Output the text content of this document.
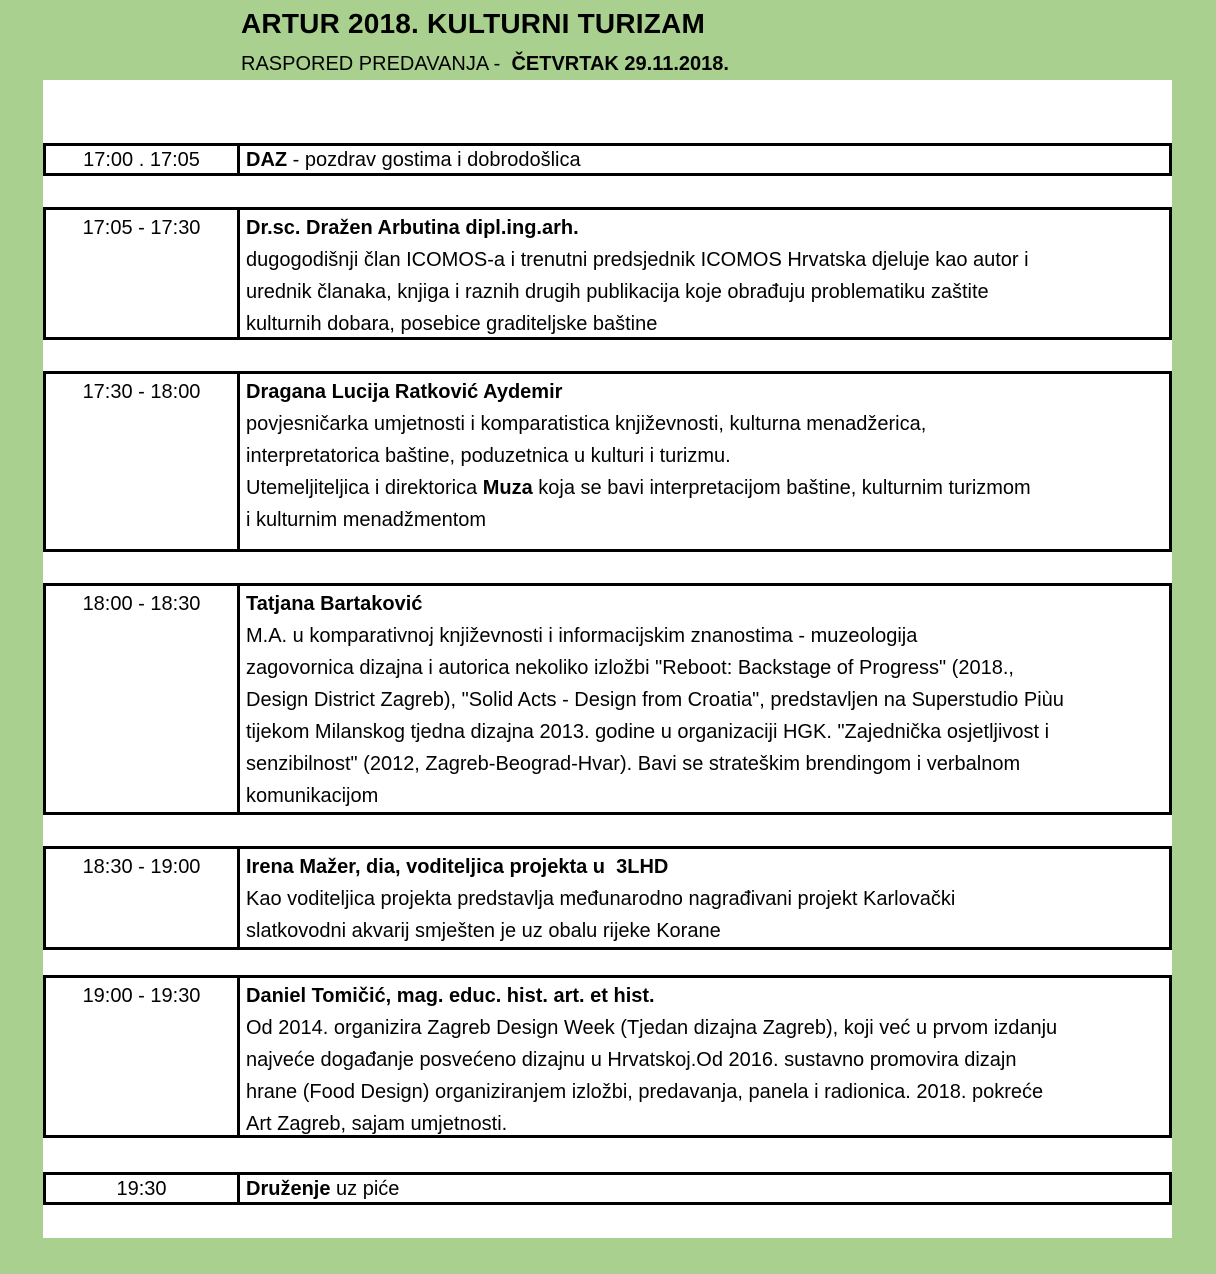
ARTUR 2018. KULTURNI TURIZAM
RASPORED PREDAVANJA -  ČETVRTAK 29.11.2018.
17:00 . 17:05	DAZ - pozdrav gostima i dobrodošlica
17:05 - 17:30	Dr.sc. Dražen Arbutina dipl.ing.arh.
dugogodišnji član ICOMOS-a i trenutni predsjednik ICOMOS Hrvatska djeluje kao autor i
urednik članaka, knjiga i raznih drugih publikacija koje obrađuju problematiku zaštite
kulturnih dobara, posebice graditeljske baštine
17:30 - 18:00	Dragana Lucija Ratković Aydemir
povjesničarka umjetnosti i komparatistica književnosti, kulturna menadžerica,
interpretatorica baštine, poduzetnica u kulturi i turizmu.
Utemeljiteljica i direktorica Muza koja se bavi interpretacijom baštine, kulturnim turizmom
i kulturnim menadžmentom
18:00 - 18:30	Tatjana Bartaković
M.A. u komparativnoj književnosti i informacijskim znanostima - muzeologija
zagovornica dizajna i autorica nekoliko izložbi "Reboot: Backstage of Progress" (2018.,
Design District Zagreb), "Solid Acts - Design from Croatia", predstavljen na Superstudio Piùu
tijekom Milanskog tjedna dizajna 2013. godine u organizaciji HGK. "Zajednička osjetljivost i
senzibilnost" (2012, Zagreb-Beograd-Hvar). Bavi se strateškim brendingom i verbalnom
komunikacijom
18:30 - 19:00	Irena Mažer, dia, voditeljica projekta u  3LHD
Kao voditeljica projekta predstavlja međunarodno nagrađivani projekt Karlovački
slatkovodni akvarij smješten je uz obalu rijeke Korane
19:00 - 19:30	Daniel Tomičić, mag. educ. hist. art. et hist.
Od 2014. organizira Zagreb Design Week (Tjedan dizajna Zagreb), koji već u prvom izdanju
najveće događanje posvećeno dizajnu u Hrvatskoj.Od 2016. sustavno promovira dizajn
hrane (Food Design) organiziranjem izložbi, predavanja, panela i radionica. 2018. pokreće
Art Zagreb, sajam umjetnosti.
19:30	Druženje uz piće
